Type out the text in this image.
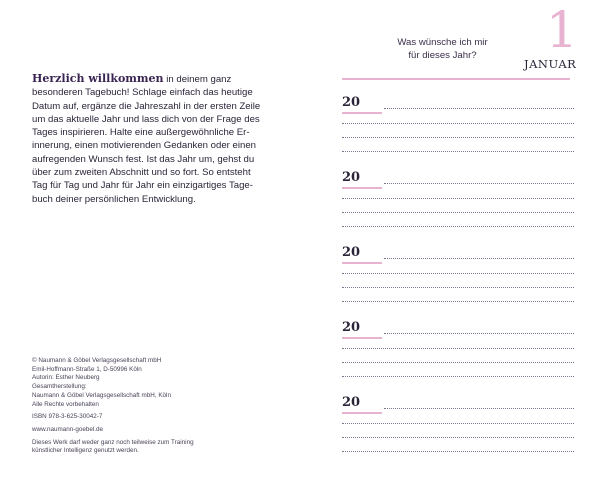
Herzlich willkommen in deinem ganz besonderen Tagebuch! Schlage einfach das heutige Datum auf, ergänze die Jahreszahl in der ersten Zeile um das aktuelle Jahr und lass dich von der Frage des Tages inspirieren. Halte eine außergewöhnliche Erinnerung, einen motivierenden Gedanken oder einen aufregenden Wunsch fest. Ist das Jahr um, gehst du über zum zweiten Abschnitt und so fort. So entsteht Tag für Tag und Jahr für Jahr ein einzigartiges Tagebuch deiner persönlichen Entwicklung.
© Naumann & Göbel Verlagsgesellschaft mbH
Emil-Hoffmann-Straße 1, D-50996 Köln
Autorin: Esther Neuberg
Gesamtherstellung:
Naumann & Göbel Verlagsgesellschaft mbH, Köln
Alle Rechte vorbehalten
ISBN 978-3-625-30042-7
www.naumann-goebel.de
Dieses Werk darf weder ganz noch teilweise zum Training
künstlicher Intelligenz genutzt werden.
Was wünsche ich mir
für dieses Jahr?	1
JANUAR
20
20
20
20
20
